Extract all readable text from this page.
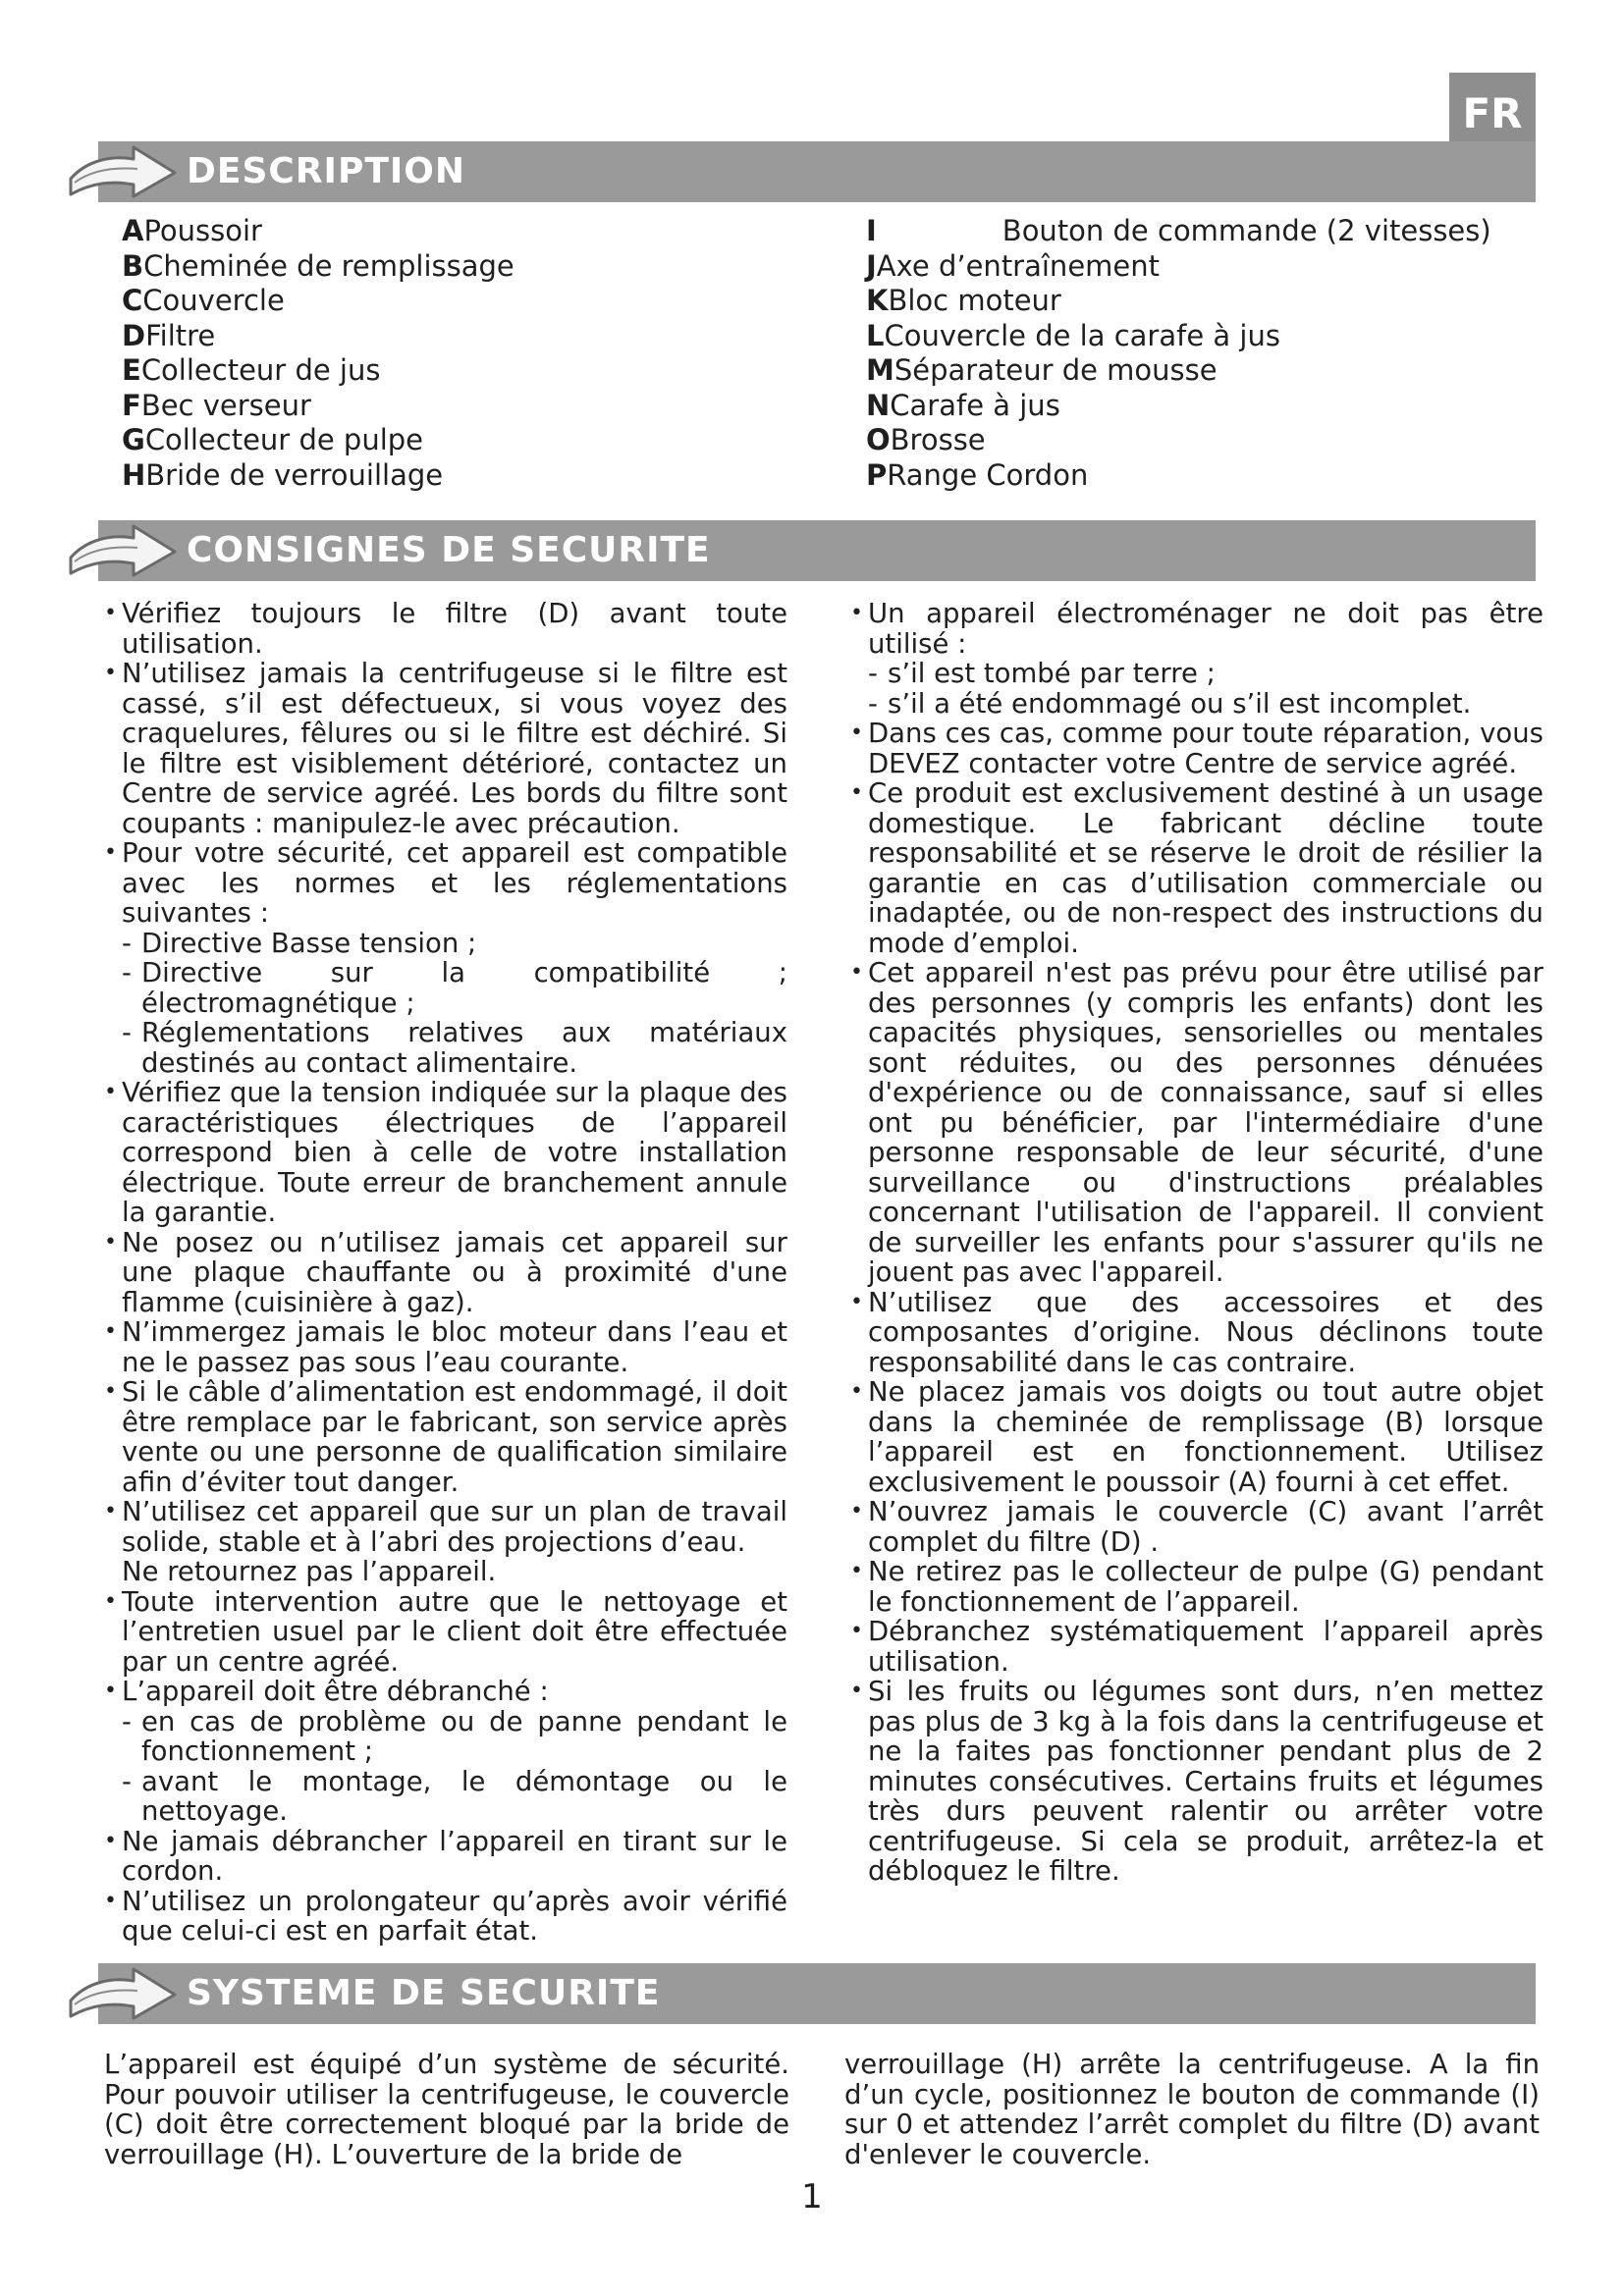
FR
DESCRIPTION
APoussoir
BCheminée de remplissage
CCouvercle
DFiltre
ECollecteur de jus
FBec verseur
GCollecteur de pulpe
HBride de verrouillage
I	Bouton de commande (2 vitesses)
JAxe d’entraînement
KBloc moteur
LCouvercle de la carafe à jus
MSéparateur de mousse
NCarafe à jus
OBrosse
PRange Cordon
CONSIGNES DE SECURITE
• Vérifiez toujours le filtre (D) avant toute utilisation.
• N’utilisez jamais la centrifugeuse si le filtre est cassé, s’il est défectueux, si vous voyez des craquelures, fêlures ou si le filtre est déchiré. Si le filtre est visiblement détérioré, contactez un Centre de service agréé. Les bords du filtre sont coupants : manipulez-le avec précaution.
• Pour votre sécurité, cet appareil est compatible avec les normes et les réglementations suivantes :
- Directive Basse tension ;
- Directive sur la compatibilité ; électromagnétique ;
- Réglementations relatives aux matériaux destinés au contact alimentaire.
• Vérifiez que la tension indiquée sur la plaque des caractéristiques électriques de l’appareil correspond bien à celle de votre installation électrique. Toute erreur de branchement annule la garantie.
• Ne posez ou n’utilisez jamais cet appareil sur une plaque chauffante ou à proximité d'une flamme (cuisinière à gaz).
• N’immergez jamais le bloc moteur dans l’eau et ne le passez pas sous l’eau courante.
• Si le câble d’alimentation est endommagé, il doit être remplace par le fabricant, son service après vente ou une personne de qualification similaire afin d’éviter tout danger.
• N’utilisez cet appareil que sur un plan de travail solide, stable et à l’abri des projections d’eau.

Ne retournez pas l’appareil.

• Toute intervention autre que le nettoyage et l’entretien usuel par le client doit être effectuée par un centre agréé.
• L’appareil doit être débranché :
- en cas de problème ou de panne pendant le fonctionnement ;
- avant le montage, le démontage ou le nettoyage.
• Ne jamais débrancher l’appareil en tirant sur le cordon.
• N’utilisez un prolongateur qu’après avoir vérifié que celui-ci est en parfait état.
• Un appareil électroménager ne doit pas être utilisé :
- s’il est tombé par terre ;
- s’il a été endommagé ou s’il est incomplet.
• Dans ces cas, comme pour toute réparation, vous DEVEZ contacter votre Centre de service agréé.
• Ce produit est exclusivement destiné à un usage domestique. Le fabricant décline toute responsabilité et se réserve le droit de résilier la garantie en cas d’utilisation commerciale ou inadaptée, ou de non-respect des instructions du mode d’emploi.
• Cet appareil n'est pas prévu pour être utilisé par des personnes (y compris les enfants) dont les capacités physiques, sensorielles ou mentales sont réduites, ou des personnes dénuées d'expérience ou de connaissance, sauf si elles ont pu bénéficier, par l'intermédiaire d'une personne responsable de leur sécurité, d'une surveillance ou d'instructions préalables concernant l'utilisation de l'appareil. Il convient de surveiller les enfants pour s'assurer qu'ils ne jouent pas avec l'appareil.
• N’utilisez que des accessoires et des composantes d’origine. Nous déclinons toute responsabilité dans le cas contraire.
• Ne placez jamais vos doigts ou tout autre objet dans la cheminée de remplissage (B) lorsque l’appareil est en fonctionnement. Utilisez exclusivement le poussoir (A) fourni à cet effet.
• N’ouvrez jamais le couvercle (C) avant l’arrêt complet du filtre (D) .
• Ne retirez pas le collecteur de pulpe (G) pendant le fonctionnement de l’appareil.
• Débranchez systématiquement l’appareil après utilisation.
• Si les fruits ou légumes sont durs, n’en mettez pas plus de 3 kg à la fois dans la centrifugeuse et ne la faites pas fonctionner pendant plus de 2 minutes consécutives. Certains fruits et légumes très durs peuvent ralentir ou arrêter votre centrifugeuse. Si cela se produit, arrêtez-la et débloquez le filtre.
SYSTEME DE SECURITE

L’appareil est équipé d’un système de sécurité. Pour pouvoir utiliser la centrifugeuse, le couvercle (C) doit être correctement bloqué par la bride de verrouillage (H). L’ouverture de la bride de

verrouillage (H) arrête la centrifugeuse. A la fin d’un cycle, positionnez le bouton de commande (I) sur 0 et attendez l’arrêt complet du filtre (D) avant d'enlever le couvercle.

1
